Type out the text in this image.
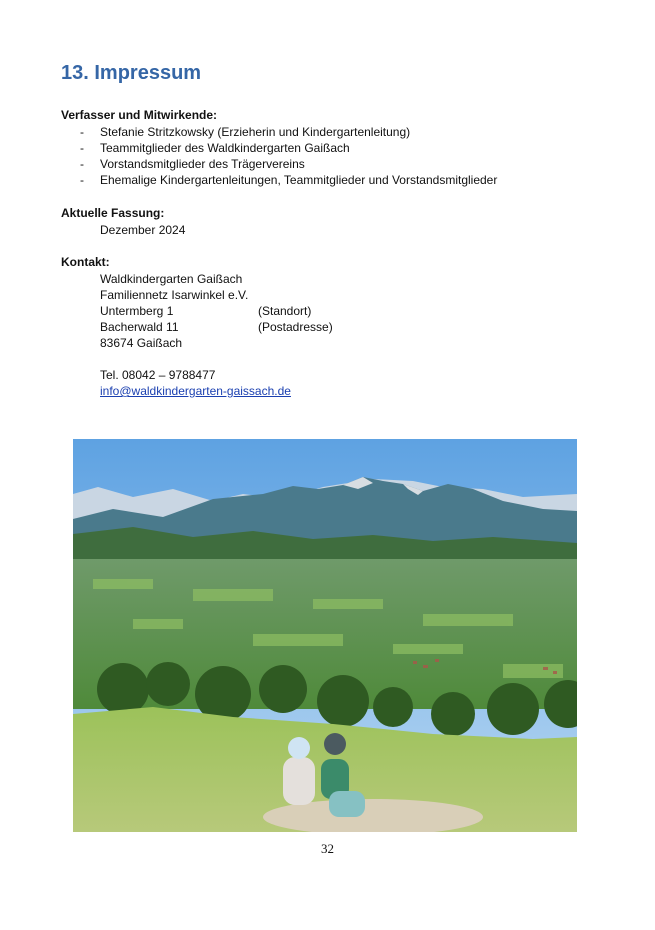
13. Impressum
Verfasser und Mitwirkende:
-	Stefanie Stritzkowsky (Erzieherin und Kindergartenleitung)
-	Teammitglieder des Waldkindergarten Gaißach
-	Vorstandsmitglieder des Trägervereins
-	Ehemalige Kindergartenleitungen, Teammitglieder und Vorstandsmitglieder
Aktuelle Fassung:
Dezember 2024
Kontakt:
Waldkindergarten Gaißach
Familiennetz Isarwinkel e.V.
Untermberg 1	(Standort)
Bacherwald 11	(Postadresse)
83674 Gaißach
Tel. 08042 – 9788477
info@waldkindergarten-gaissach.de
32
